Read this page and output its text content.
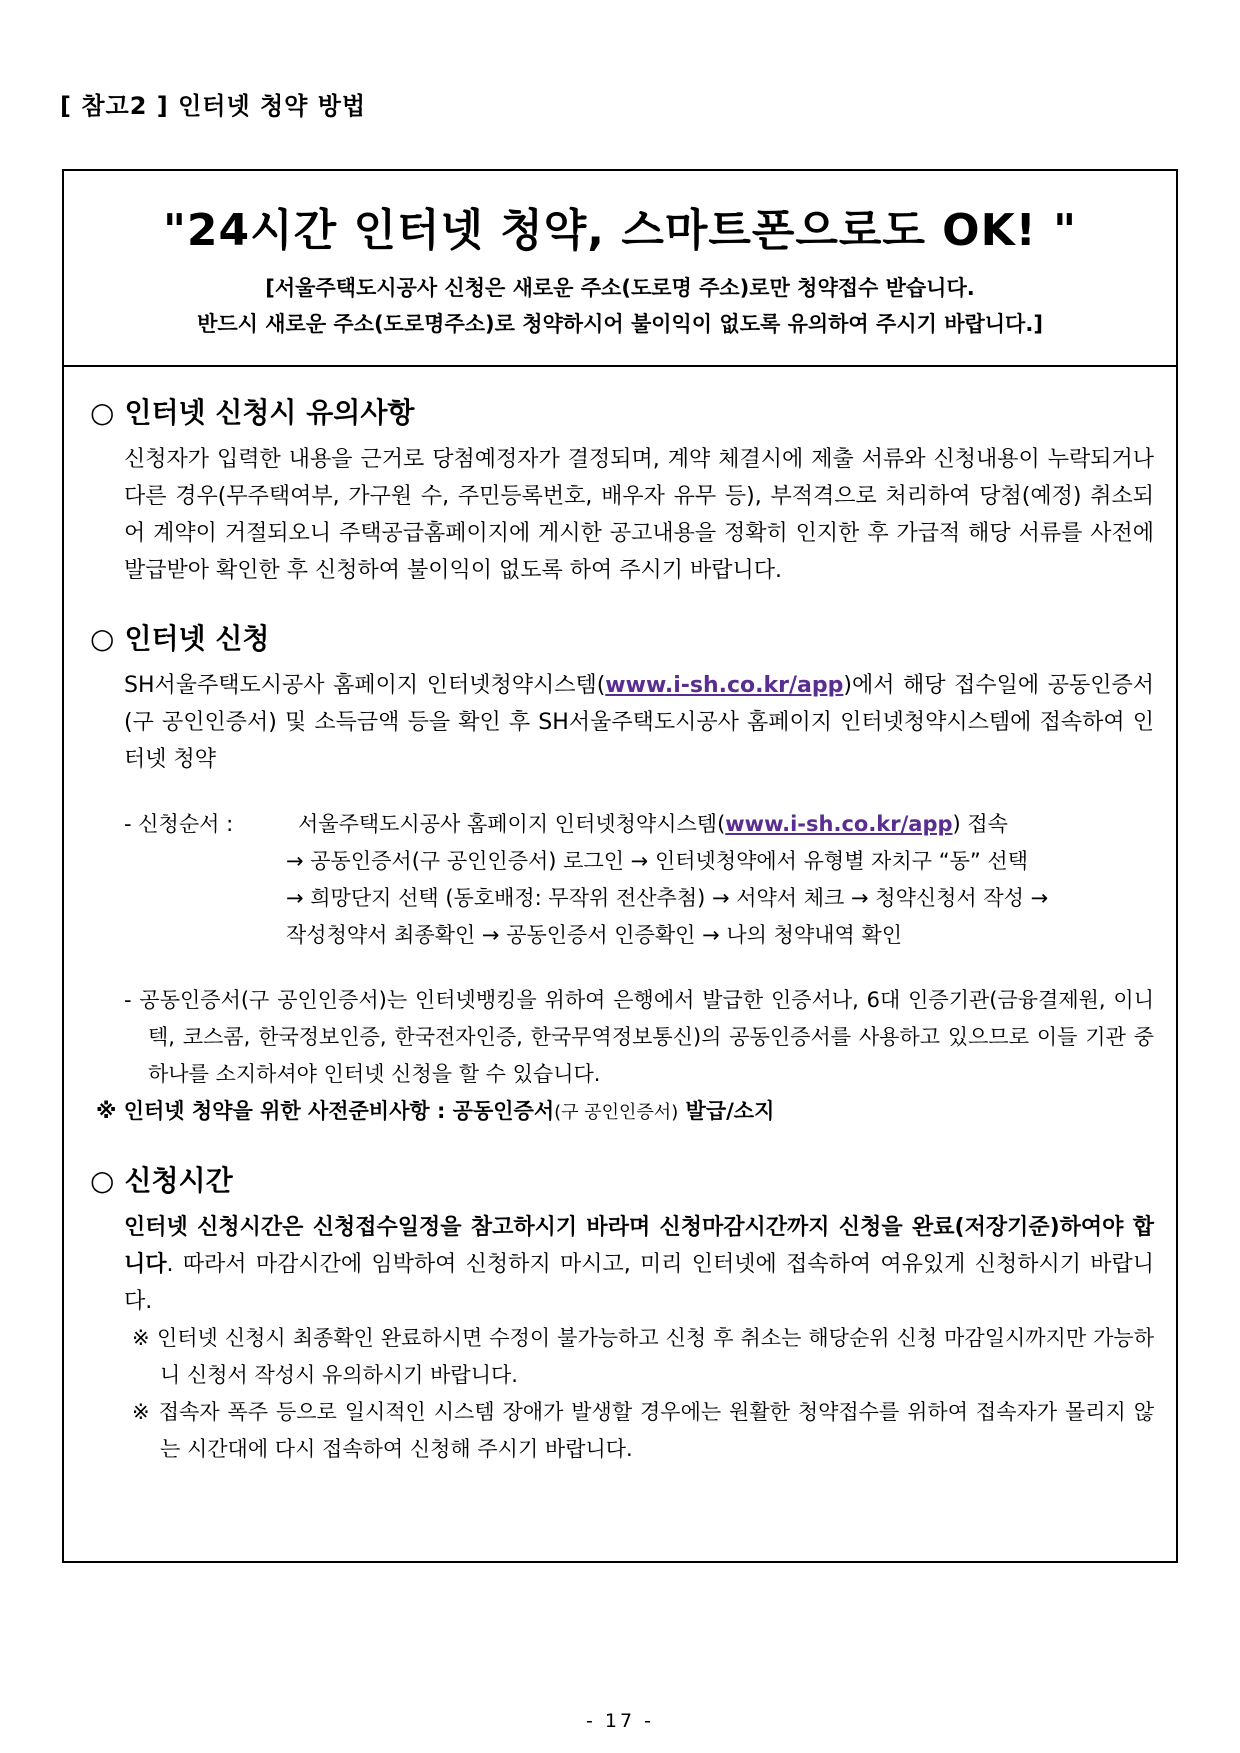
[ 참고2 ] 인터넷 청약 방법
"24시간 인터넷 청약, 스마트폰으로도 OK! "
[서울주택도시공사 신청은 새로운 주소(도로명 주소)로만 청약접수 받습니다.
반드시 새로운 주소(도로명주소)로 청약하시어 불이익이 없도록 유의하여 주시기 바랍니다.]
○ 인터넷 신청시 유의사항
신청자가 입력한 내용을 근거로 당첨예정자가 결정되며, 계약 체결시에 제출 서류와 신청내용이 누락되거나 다른 경우(무주택여부, 가구원 수, 주민등록번호, 배우자 유무 등), 부적격으로 처리하여 당첨(예정) 취소되어 계약이 거절되오니 주택공급홈페이지에 게시한 공고내용을 정확히 인지한 후 가급적 해당 서류를 사전에 발급받아 확인한 후 신청하여 불이익이 없도록 하여 주시기 바랍니다.
○ 인터넷 신청
SH서울주택도시공사 홈페이지 인터넷청약시스템(www.i-sh.co.kr/app)에서 해당 접수일에 공동인증서(구 공인인증서) 및 소득금액 등을 확인 후 SH서울주택도시공사 홈페이지 인터넷청약시스템에 접속하여 인터넷 청약
- 신청순서 :	서울주택도시공사 홈페이지 인터넷청약시스템(www.i-sh.co.kr/app) 접속
→ 공동인증서(구 공인인증서) 로그인 → 인터넷청약에서 유형별 자치구 “동” 선택
→ 희망단지 선택 (동호배정: 무작위 전산추첨) → 서약서 체크 → 청약신청서 작성 →
작성청약서 최종확인 → 공동인증서 인증확인 → 나의 청약내역 확인
- 공동인증서(구 공인인증서)는 인터넷뱅킹을 위하여 은행에서 발급한 인증서나, 6대 인증기관(금융결제원, 이니텍, 코스콤, 한국정보인증, 한국전자인증, 한국무역정보통신)의 공동인증서를 사용하고 있으므로 이들 기관 중 하나를 소지하셔야 인터넷 신청을 할 수 있습니다.
※ 인터넷 청약을 위한 사전준비사항 : 공동인증서(구 공인인증서) 발급/소지
○ 신청시간
인터넷 신청시간은 신청접수일정을 참고하시기 바라며 신청마감시간까지 신청을 완료(저장기준)하여야 합니다. 따라서 마감시간에 임박하여 신청하지 마시고, 미리 인터넷에 접속하여 여유있게 신청하시기 바랍니다.
※ 인터넷 신청시 최종확인 완료하시면 수정이 불가능하고 신청 후 취소는 해당순위 신청 마감일시까지만 가능하니 신청서 작성시 유의하시기 바랍니다.
※ 접속자 폭주 등으로 일시적인 시스템 장애가 발생할 경우에는 원활한 청약접수를 위하여 접속자가 몰리지 않는 시간대에 다시 접속하여 신청해 주시기 바랍니다.
- 17 -
